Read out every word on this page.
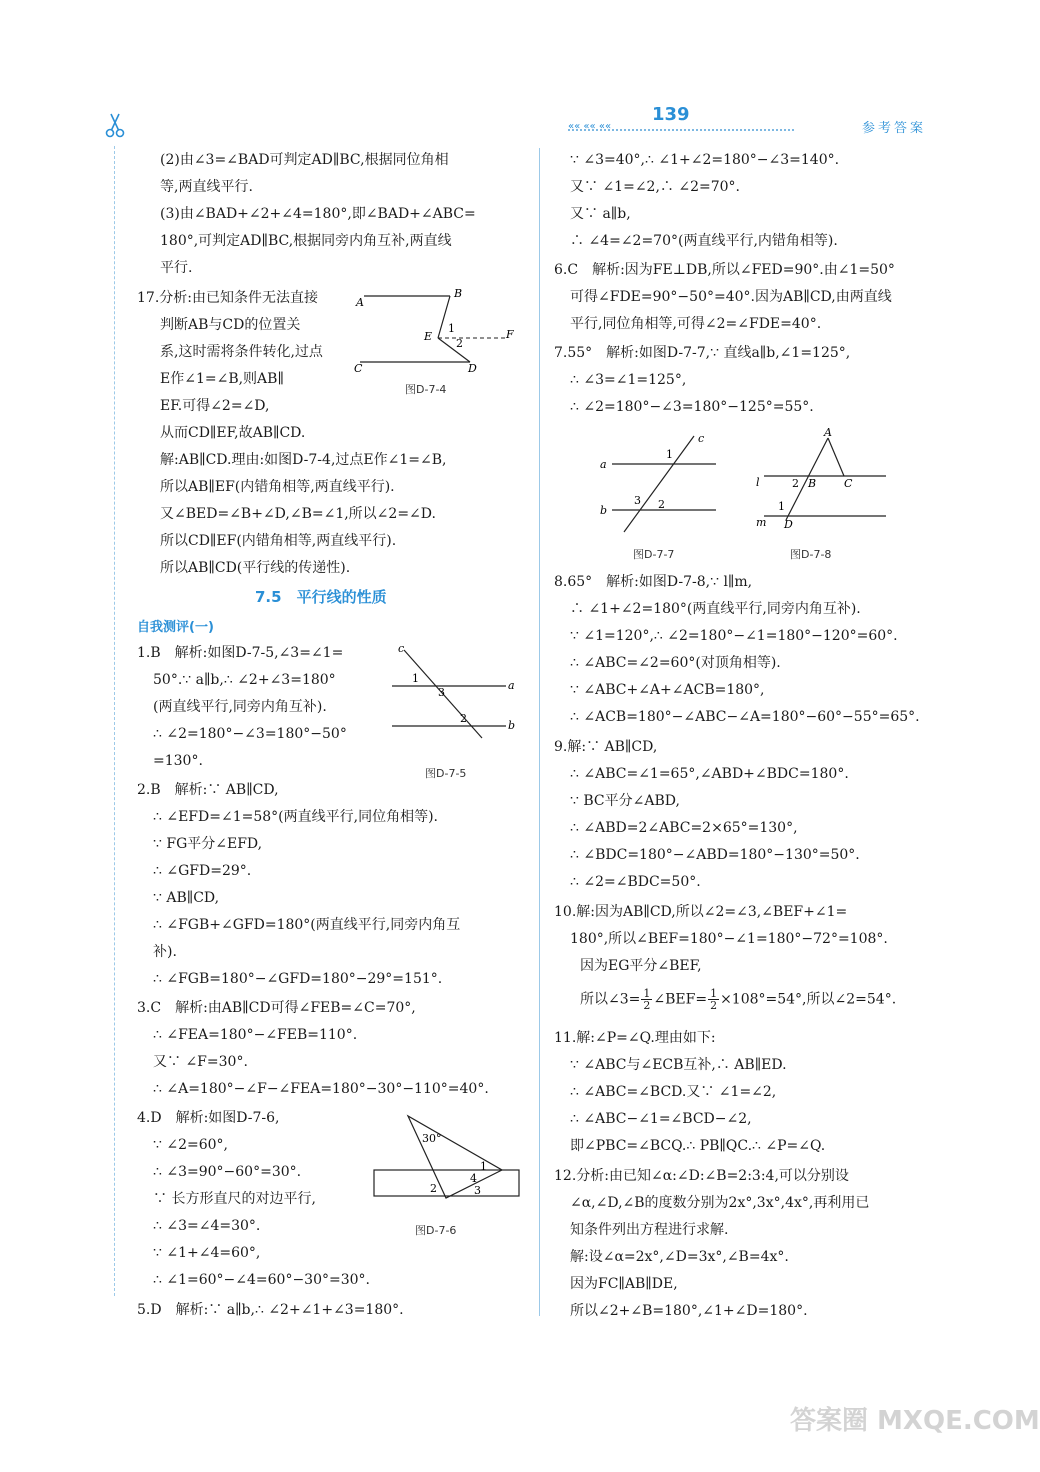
139
«« «« ««	参考答案
(2)由∠3=∠BAD可判定AD∥BC,根据同位角相
等,两直线平行.
(3)由∠BAD+∠2+∠4=180°,即∠BAD+∠ABC=
180°,可判定AD∥BC,根据同旁内角互补,两直线
平行.
17.分析:由已知条件无法直接
判断AB与CD的位置关
系,这时需将条件转化,过点
E作∠1=∠B,则AB∥
EF.可得∠2=∠D,
从而CD∥EF,故AB∥CD.
解:AB∥CD.理由:如图D-7-4,过点E作∠1=∠B,
所以AB∥EF(内错角相等,两直线平行).
又∠BED=∠B+∠D,∠B=∠1,所以∠2=∠D.
所以CD∥EF(内错角相等,两直线平行).
所以AB∥CD(平行线的传递性).
A
B
C	D
E	F
1
2
图D-7-4
7.5　平行线的性质
自我测评(一)
1.B　解析:如图D-7-5,∠3=∠1=
50°.∵ a∥b,∴ ∠2+∠3=180°
(两直线平行,同旁内角互补).
∴ ∠2=180°−∠3=180°−50°
=130°.
2.B　解析:∵ AB∥CD,
∴ ∠EFD=∠1=58°(两直线平行,同位角相等).
∵ FG平分∠EFD,
∴ ∠GFD=29°.
∵ AB∥CD,
∴ ∠FGB+∠GFD=180°(两直线平行,同旁内角互
补).
∴ ∠FGB=180°−∠GFD=180°−29°=151°.
3.C　解析:由AB∥CD可得∠FEB=∠C=70°,
∴ ∠FEA=180°−∠FEB=110°.
又∵ ∠F=30°.
∴ ∠A=180°−∠F−∠FEA=180°−30°−110°=40°.
4.D　解析:如图D-7-6,
∵ ∠2=60°,
∴ ∠3=90°−60°=30°.
∵ 长方形直尺的对边平行,
∴ ∠3=∠4=30°.
∵ ∠1+∠4=60°,
∴ ∠1=60°−∠4=60°−30°=30°.
5.D　解析:∵ a∥b,∴ ∠2+∠1+∠3=180°.
c
a
b
1
3
2
图D-7-5
30°
1
4
2	3
图D-7-6
∵ ∠3=40°,∴ ∠1+∠2=180°−∠3=140°.
又∵ ∠1=∠2,∴ ∠2=70°.
又∵ a∥b,
∴ ∠4=∠2=70°(两直线平行,内错角相等).
6.C　解析:因为FE⊥DB,所以∠FED=90°.由∠1=50°
可得∠FDE=90°−50°=40°.因为AB∥CD,由两直线
平行,同位角相等,可得∠2=∠FDE=40°.
7.55°　解析:如图D-7-7,∵ 直线a∥b,∠1=125°,
∴ ∠3=∠1=125°,
∴ ∠2=180°−∠3=180°−125°=55°.
c
a
b
1
3 2
图D-7-7
A
B	C
D
l
m
1
2
图D-7-8
8.65°　解析:如图D-7-8,∵ l∥m,
∴ ∠1+∠2=180°(两直线平行,同旁内角互补).
∵ ∠1=120°,∴ ∠2=180°−∠1=180°−120°=60°.
∴ ∠ABC=∠2=60°(对顶角相等).
∵ ∠ABC+∠A+∠ACB=180°,
∴ ∠ACB=180°−∠ABC−∠A=180°−60°−55°=65°.
9.解:∵ AB∥CD,
∴ ∠ABC=∠1=65°,∠ABD+∠BDC=180°.
∵ BC平分∠ABD,
∴ ∠ABD=2∠ABC=2×65°=130°,
∴ ∠BDC=180°−∠ABD=180°−130°=50°.
∴ ∠2=∠BDC=50°.
10.解:因为AB∥CD,所以∠2=∠3,∠BEF+∠1=
180°,所以∠BEF=180°−∠1=180°−72°=108°.
因为EG平分∠BEF,
所以∠3= $\frac{1}{2}$ ∠BEF= $\frac{1}{2} \times 108^\circ=54^\circ$,所以∠2=54°.
11.解:∠P=∠Q.理由如下:
∵ ∠ABC与∠ECB互补,∴ AB∥ED.
∴ ∠ABC=∠BCD.又∵ ∠1=∠2,
∴ ∠ABC−∠1=∠BCD−∠2,
即∠PBC=∠BCQ.∴ PB∥QC.∴ ∠P=∠Q.
12.分析:由已知∠α:∠D:∠B=2:3:4,可以分别设
∠α,∠D,∠B的度数分别为2x°,3x°,4x°,再利用已
知条件列出方程进行求解.
解:设∠α=2x°,∠D=3x°,∠B=4x°.
因为FC∥AB∥DE,
所以∠2+∠B=180°,∠1+∠D=180°.
答案圈 MXQE.COM
